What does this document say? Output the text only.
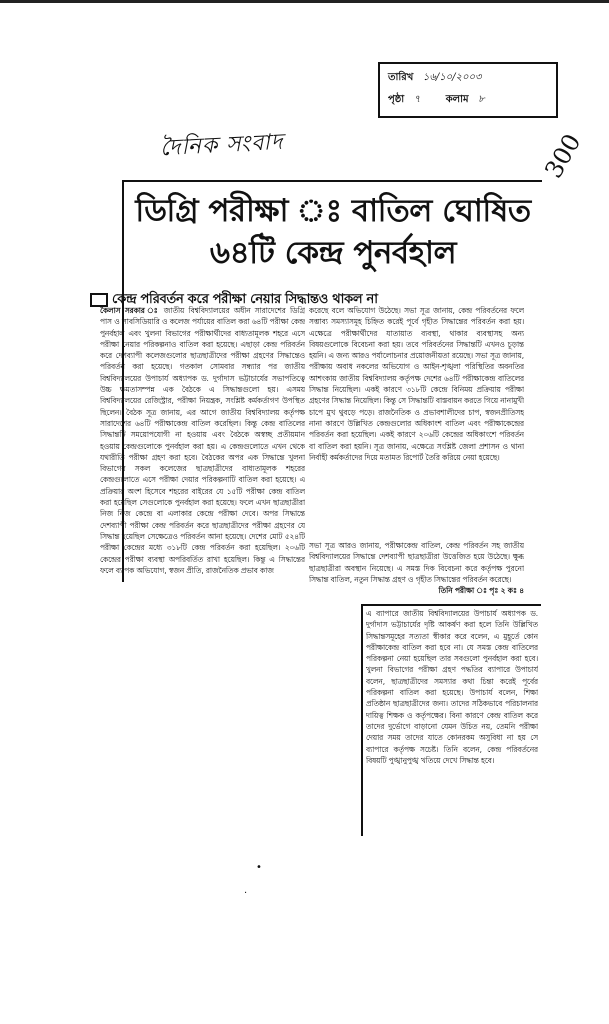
তারিখ ১৬/১০/২০০৩
পৃষ্ঠা ৭	কলাম ৮
দৈনিক সংবাদ	300
ডিগ্রি পরীক্ষা ঃ বাতিল ঘোষিত
৬৪টি কেন্দ্র পুনর্বহাল
কেন্দ্র পরিবর্তন করে পরীক্ষা নেয়ার সিদ্ধান্তও থাকল না
কৈলাস সরকার ঃ জাতীয় বিশ্ববিদ্যালয়ের অধীন সারাদেশের ডিগ্রি পাস ও সাবসিডিয়ারি ও কলেজ পর্যায়ের বাতিল করা ৬৪টি পরীক্ষা কেন্দ্র পুনর্বহাল এবং খুলনা বিভাগের পরীক্ষার্থীদের বাধ্যতামূলক শহরে এসে পরীক্ষা নেয়ার পরিকল্পনাও বাতিল করা হয়েছে। এছাড়া কেন্দ্র পরিবর্তন করে দেশব্যাপী কলেজগুলোর ছাত্রছাত্রীদের পরীক্ষা গ্রহণের সিদ্ধান্তেও পরিবর্তন করা হয়েছে। গতকাল সোমবার সন্ধ্যার পর জাতীয় বিশ্ববিদ্যালয়ের উপাচার্য অধ্যাপক ড. দুর্গাদাস ভট্টাচার্যের সভাপতিত্বে উচ্চ ক্ষমতাসম্পন্ন এক বৈঠকে এ সিদ্ধান্তগুলো হয়। এসময় বিশ্ববিদ্যালয়ের রেজিস্ট্রার, পরীক্ষা নিয়ন্ত্রক, সংশ্লিষ্ট কর্মকর্তাগণ উপস্থিত ছিলেন। বৈঠক সূত্র জানায়, এর আগে জাতীয় বিশ্ববিদ্যালয় কর্তৃপক্ষ সারাদেশের ৬৪টি পরীক্ষাকেন্দ্র বাতিল করেছিল। কিন্তু কেন্দ্র বাতিলের সিদ্ধান্তটি সময়োপযোগী না হওয়ায় এবং বৈঠকে অস্বচ্ছ প্রতীয়মান হওয়ায় কেন্দ্রগুলোকে পুনর্বহাল করা হয়। এ কেন্দ্রগুলোতে এখন থেকে যথারীতি পরীক্ষা গ্রহণ করা হবে। বৈঠকের অপর এক সিদ্ধান্তে খুলনা বিভাগের সকল কলেজের ছাত্রছাত্রীদের বাধ্যতামূলক শহরের কেন্দ্রগুলোতে এসে পরীক্ষা দেয়ার পরিকল্পনাটি বাতিল করা হয়েছে। এ প্রক্রিয়ার অংশ হিসেবে শহরের বাইরের যে ১৫টি পরীক্ষা কেন্দ্র বাতিল করা হয়েছিল সেগুলোকে পুনর্বহাল করা হয়েছে। ফলে এখন ছাত্রছাত্রীরা নিজ নিজ কেন্দ্রে বা এলাকার কেন্দ্রে পরীক্ষা দেবে। অপর সিদ্ধান্তে দেশব্যাপী পরীক্ষা কেন্দ্র পরিবর্তন করে ছাত্রছাত্রীদের পরীক্ষা গ্রহণের যে সিদ্ধান্ত হয়েছিল সেক্ষেত্রেও পরিবর্তন আনা হয়েছে। দেশের মোট ৫২৪টি পরীক্ষা কেন্দ্রের মধ্যে ৩১৮টি কেন্দ্র পরিবর্তন করা হয়েছিল। ২০৬টি কেন্দ্রের পরীক্ষা ব্যবস্থা অপরিবর্তিত রাখা হয়েছিল। কিন্তু এ সিদ্ধান্তের ফলে ব্যাপক অভিযোগ, স্বজন প্রীতি, রাজনৈতিক প্রভাব কাজ
করেছে বলে অভিযোগ উঠেছে। সভা সূত্র জানায়, কেন্দ্র পরিবর্তনের ফলে সম্ভাব্য সমস্যাসমূহ চিহ্নিত করেই পূর্বে গৃহীত সিদ্ধান্তের পরিবর্তন করা হয়। এক্ষেত্রে পরীক্ষার্থীদের যাতায়াত ব্যবস্থা, থাকার ব্যবস্থাসহ অন্য বিষয়গুলোকে বিবেচনা করা হয়। তবে পরিবর্তনের সিদ্ধান্তটি এখনও চূড়ান্ত হয়নি। এ জন্য আরও পর্যালোচনার প্রয়োজনীয়তা রয়েছে। সভা সূত্র জানায়, পরীক্ষায় অবাধ নকলের অভিযোগ ও আইন-শৃঙ্খলা পরিস্থিতির অবনতির আশংকায় জাতীয় বিশ্ববিদ্যালয় কর্তৃপক্ষ দেশের ৬৪টি পরীক্ষাকেন্দ্র বাতিলের সিদ্ধান্ত নিয়েছিল। একই কারণে ৩১৮টি কেন্দ্রে বিনিময় প্রক্রিয়ায় পরীক্ষা গ্রহণের সিদ্ধান্ত নিয়েছিল। কিন্তু সে সিদ্ধান্তটি বাস্তবায়ন করতে গিয়ে নানামুখী চাপে মুখ থুবড়ে পড়ে। রাজনৈতিক ও প্রভাবশালীদের চাপ, স্বজনপ্রীতিসহ নানা কারণে উল্লিখিত কেন্দ্রগুলোর অধিকাংশ বাতিল এবং পরীক্ষাকেন্দ্রের পরিবর্তন করা হয়েছিল। একই কারণে ২০৬টি কেন্দ্রের অধিকাংশে পরিবর্তন বা বাতিল করা হয়নি। সূত্র জানায়, এক্ষেত্রে সংশ্লিষ্ট জেলা প্রশাসন ও থানা নির্বাহী কর্মকর্তাদের দিয়ে মতামত রিপোর্ট তৈরি করিয়ে নেয়া হয়েছে।
সভা সূত্র আরও জানায়, পরীক্ষাকেন্দ্র বাতিল, কেন্দ্র পরিবর্তন সহ জাতীয় বিশ্ববিদ্যালয়ের সিদ্ধান্তে দেশব্যাপী ছাত্রছাত্রীরা উত্তেজিত হয়ে উঠেছে। ক্ষুব্ধ ছাত্রছাত্রীরা অবস্থান নিয়েছে। এ সমস্ত দিক বিবেচনা করে কর্তৃপক্ষ পুরনো সিদ্ধান্ত বাতিল, নতুন সিদ্ধান্ত গ্রহণ ও গৃহীত সিদ্ধান্তের পরিবর্তন করেছে।
তিনি পরীক্ষা ঃ পৃঃ ২ কঃ ৪
এ ব্যাপারে জাতীয় বিশ্ববিদ্যালয়ের উপাচার্য অধ্যাপক ড. দুর্গাদাস ভট্টাচার্যের দৃষ্টি আকর্ষণ করা হলে তিনি উল্লিখিত সিদ্ধান্তসমূহের সত্যতা স্বীকার করে বলেন, এ মুহূর্তে কোন পরীক্ষাকেন্দ্র বাতিল করা হবে না। যে সমস্ত কেন্দ্র বাতিলের পরিকল্পনা নেয়া হয়েছিল তার সবগুলো পুনর্বহাল করা হবে। খুলনা বিভাগের পরীক্ষা গ্রহণ পদ্ধতির ব্যাপারে উপাচার্য বলেন, ছাত্রছাত্রীদের সমস্যার কথা চিন্তা করেই পূর্বের পরিকল্পনা বাতিল করা হয়েছে। উপাচার্য বলেন, শিক্ষা প্রতিষ্ঠান ছাত্রছাত্রীদের জন্য। তাদের সঠিকভাবে পরিচালনার দায়িত্ব শিক্ষক ও কর্তৃপক্ষের। বিনা কারণে কেন্দ্র বাতিল করে তাদের দুর্ভোগে বাড়ানো যেমন উচিত নয়, তেমনি পরীক্ষা দেয়ার সময় তাদের যাতে কোনরকম অসুবিধা না হয় সে ব্যাপারে কর্তৃপক্ষ সচেষ্ট। তিনি বলেন, কেন্দ্র পরিবর্তনের বিষয়টি পুঙ্খানুপুঙ্খ খতিয়ে দেখে সিদ্ধান্ত হবে।
•
·
